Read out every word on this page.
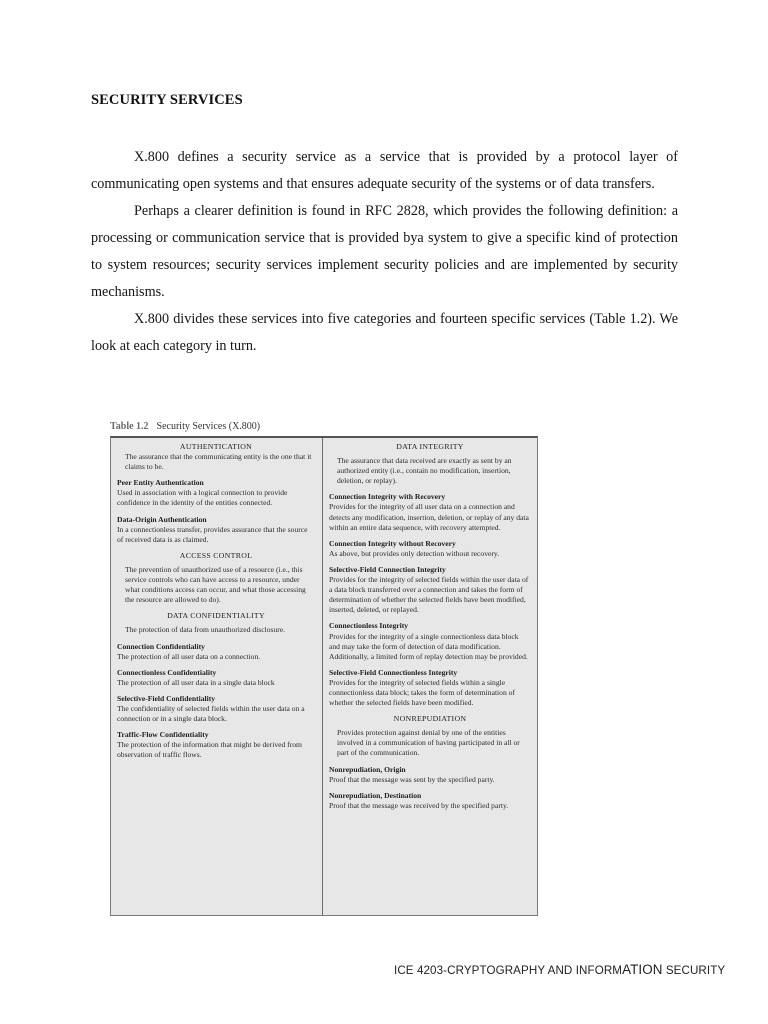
SECURITY SERVICES

X.800 defines a security service as a service that is provided by a protocol layer of communicating open systems and that ensures adequate security of the systems or of data transfers.

Perhaps a clearer definition is found in RFC 2828, which provides the following definition: a processing or communication service that is provided bya system to give a specific kind of protection to system resources; security services implement security policies and are implemented by security mechanisms.

X.800 divides these services into five categories and fourteen specific services (Table 1.2). We look at each category in turn.

Table 1.2 Security Services (X.800)

AUTHENTICATION

The assurance that the communicating entity is the one that it claims to be.

Peer Entity Authentication

Used in association with a logical connection to provide confidence in the identity of the entities connected.

Data-Origin Authentication

In a connectionless transfer, provides assurance that the source of received data is as claimed.

ACCESS CONTROL

The prevention of unauthorized use of a resource (i.e., this service controls who can have access to a resource, under what conditions access can occur, and what those accessing the resource are allowed to do).

DATA CONFIDENTIALITY

The protection of data from unauthorized disclosure.

Connection Confidentiality

The protection of all user data on a connection.

Connectionless Confidentiality

The protection of all user data in a single data block

Selective-Field Confidentiality

The confidentiality of selected fields within the user data on a connection or in a single data block.

Traffic-Flow Confidentiality

The protection of the information that might be derived from observation of traffic flows.

DATA INTEGRITY

The assurance that data received are exactly as sent by an authorized entity (i.e., contain no modification, insertion, deletion, or replay).

Connection Integrity with Recovery

Provides for the integrity of all user data on a connection and detects any modification, insertion, deletion, or replay of any data within an entire data sequence, with recovery attempted.

Connection Integrity without Recovery

As above, but provides only detection without recovery.

Selective-Field Connection Integrity

Provides for the integrity of selected fields within the user data of a data block transferred over a connection and takes the form of determination of whether the selected fields have been modified, inserted, deleted, or replayed.

Connectionless Integrity

Provides for the integrity of a single connectionless data block and may take the form of detection of data modification. Additionally, a limited form of replay detection may be provided.

Selective-Field Connectionless Integrity

Provides for the integrity of selected fields within a single connectionless data block; takes the form of determination of whether the selected fields have been modified.

NONREPUDIATION

Provides protection against denial by one of the entities involved in a communication of having participated in all or part of the communication.

Nonrepudiation, Origin

Proof that the message was sent by the specified party.

Nonrepudiation, Destination

Proof that the message was received by the specified party.

ICE 4203-CRYPTOGRAPHY AND INFORMATION SECURITY
